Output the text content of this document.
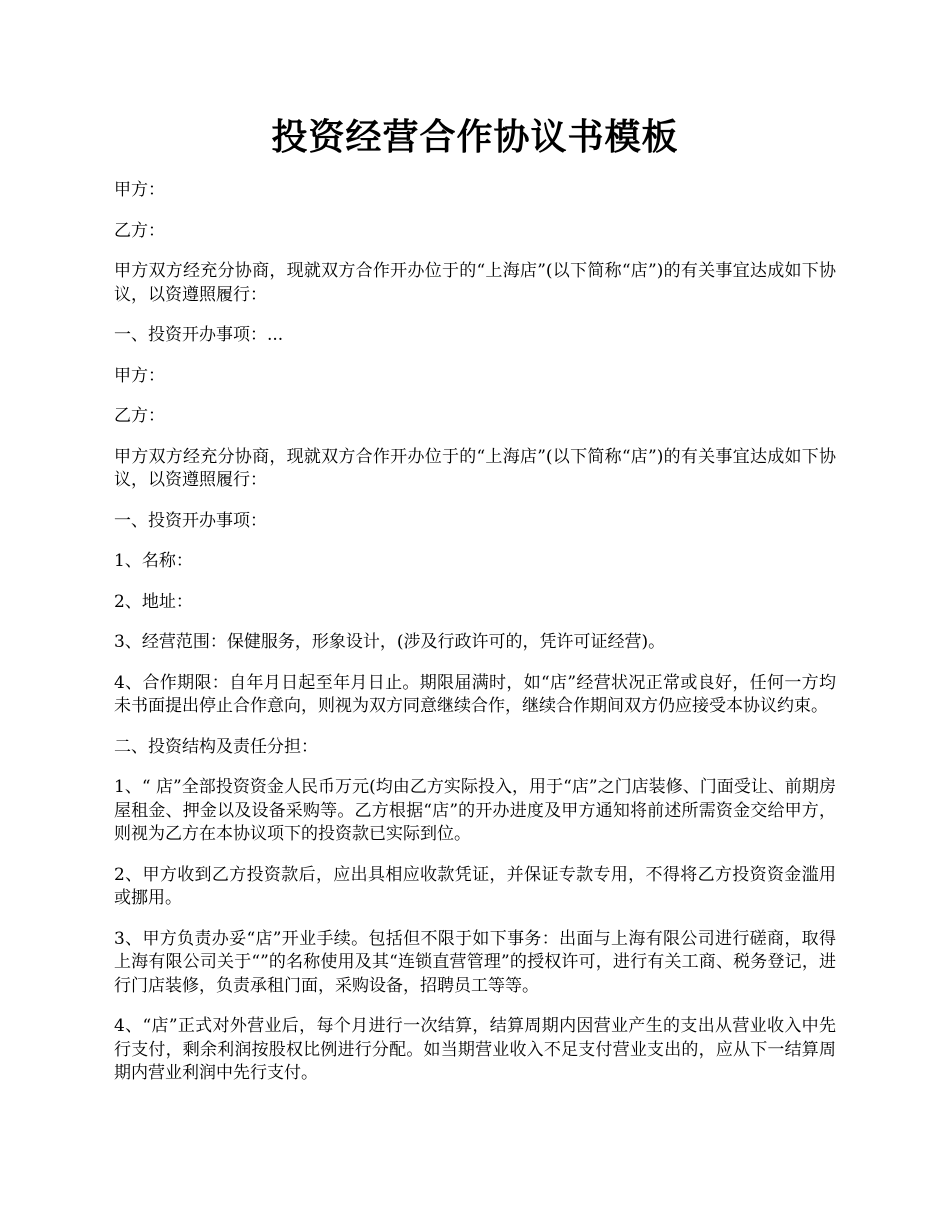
投资经营合作协议书模板

甲方：

乙方：

甲方双方经充分协商，现就双方合作开办位于的“上海店”(以下简称“店”)的有关事宜达成如下协议，以资遵照履行：

一、投资开办事项：...

甲方：

乙方：

甲方双方经充分协商，现就双方合作开办位于的“上海店”(以下简称“店”)的有关事宜达成如下协议，以资遵照履行：

一、投资开办事项：

1、名称：

2、地址：

3、经营范围：保健服务，形象设计，(涉及行政许可的，凭许可证经营)。

4、合作期限：自年月日起至年月日止。期限届满时，如“店”经营状况正常或良好，任何一方均未书面提出停止合作意向，则视为双方同意继续合作，继续合作期间双方仍应接受本协议约束。

二、投资结构及责任分担：

1、“ 店”全部投资资金人民币万元(均由乙方实际投入，用于“店”之门店装修、门面受让、前期房屋租金、押金以及设备采购等。乙方根据“店”的开办进度及甲方通知将前述所需资金交给甲方，则视为乙方在本协议项下的投资款已实际到位。

2、甲方收到乙方投资款后，应出具相应收款凭证，并保证专款专用，不得将乙方投资资金滥用或挪用。

3、甲方负责办妥“店”开业手续。包括但不限于如下事务：出面与上海有限公司进行磋商，取得上海有限公司关于“”的名称使用及其“连锁直营管理”的授权许可，进行有关工商、税务登记，进行门店装修，负责承租门面，采购设备，招聘员工等等。

4、“店”正式对外营业后，每个月进行一次结算，结算周期内因营业产生的支出从营业收入中先行支付，剩余利润按股权比例进行分配。如当期营业收入不足支付营业支出的，应从下一结算周期内营业利润中先行支付。
